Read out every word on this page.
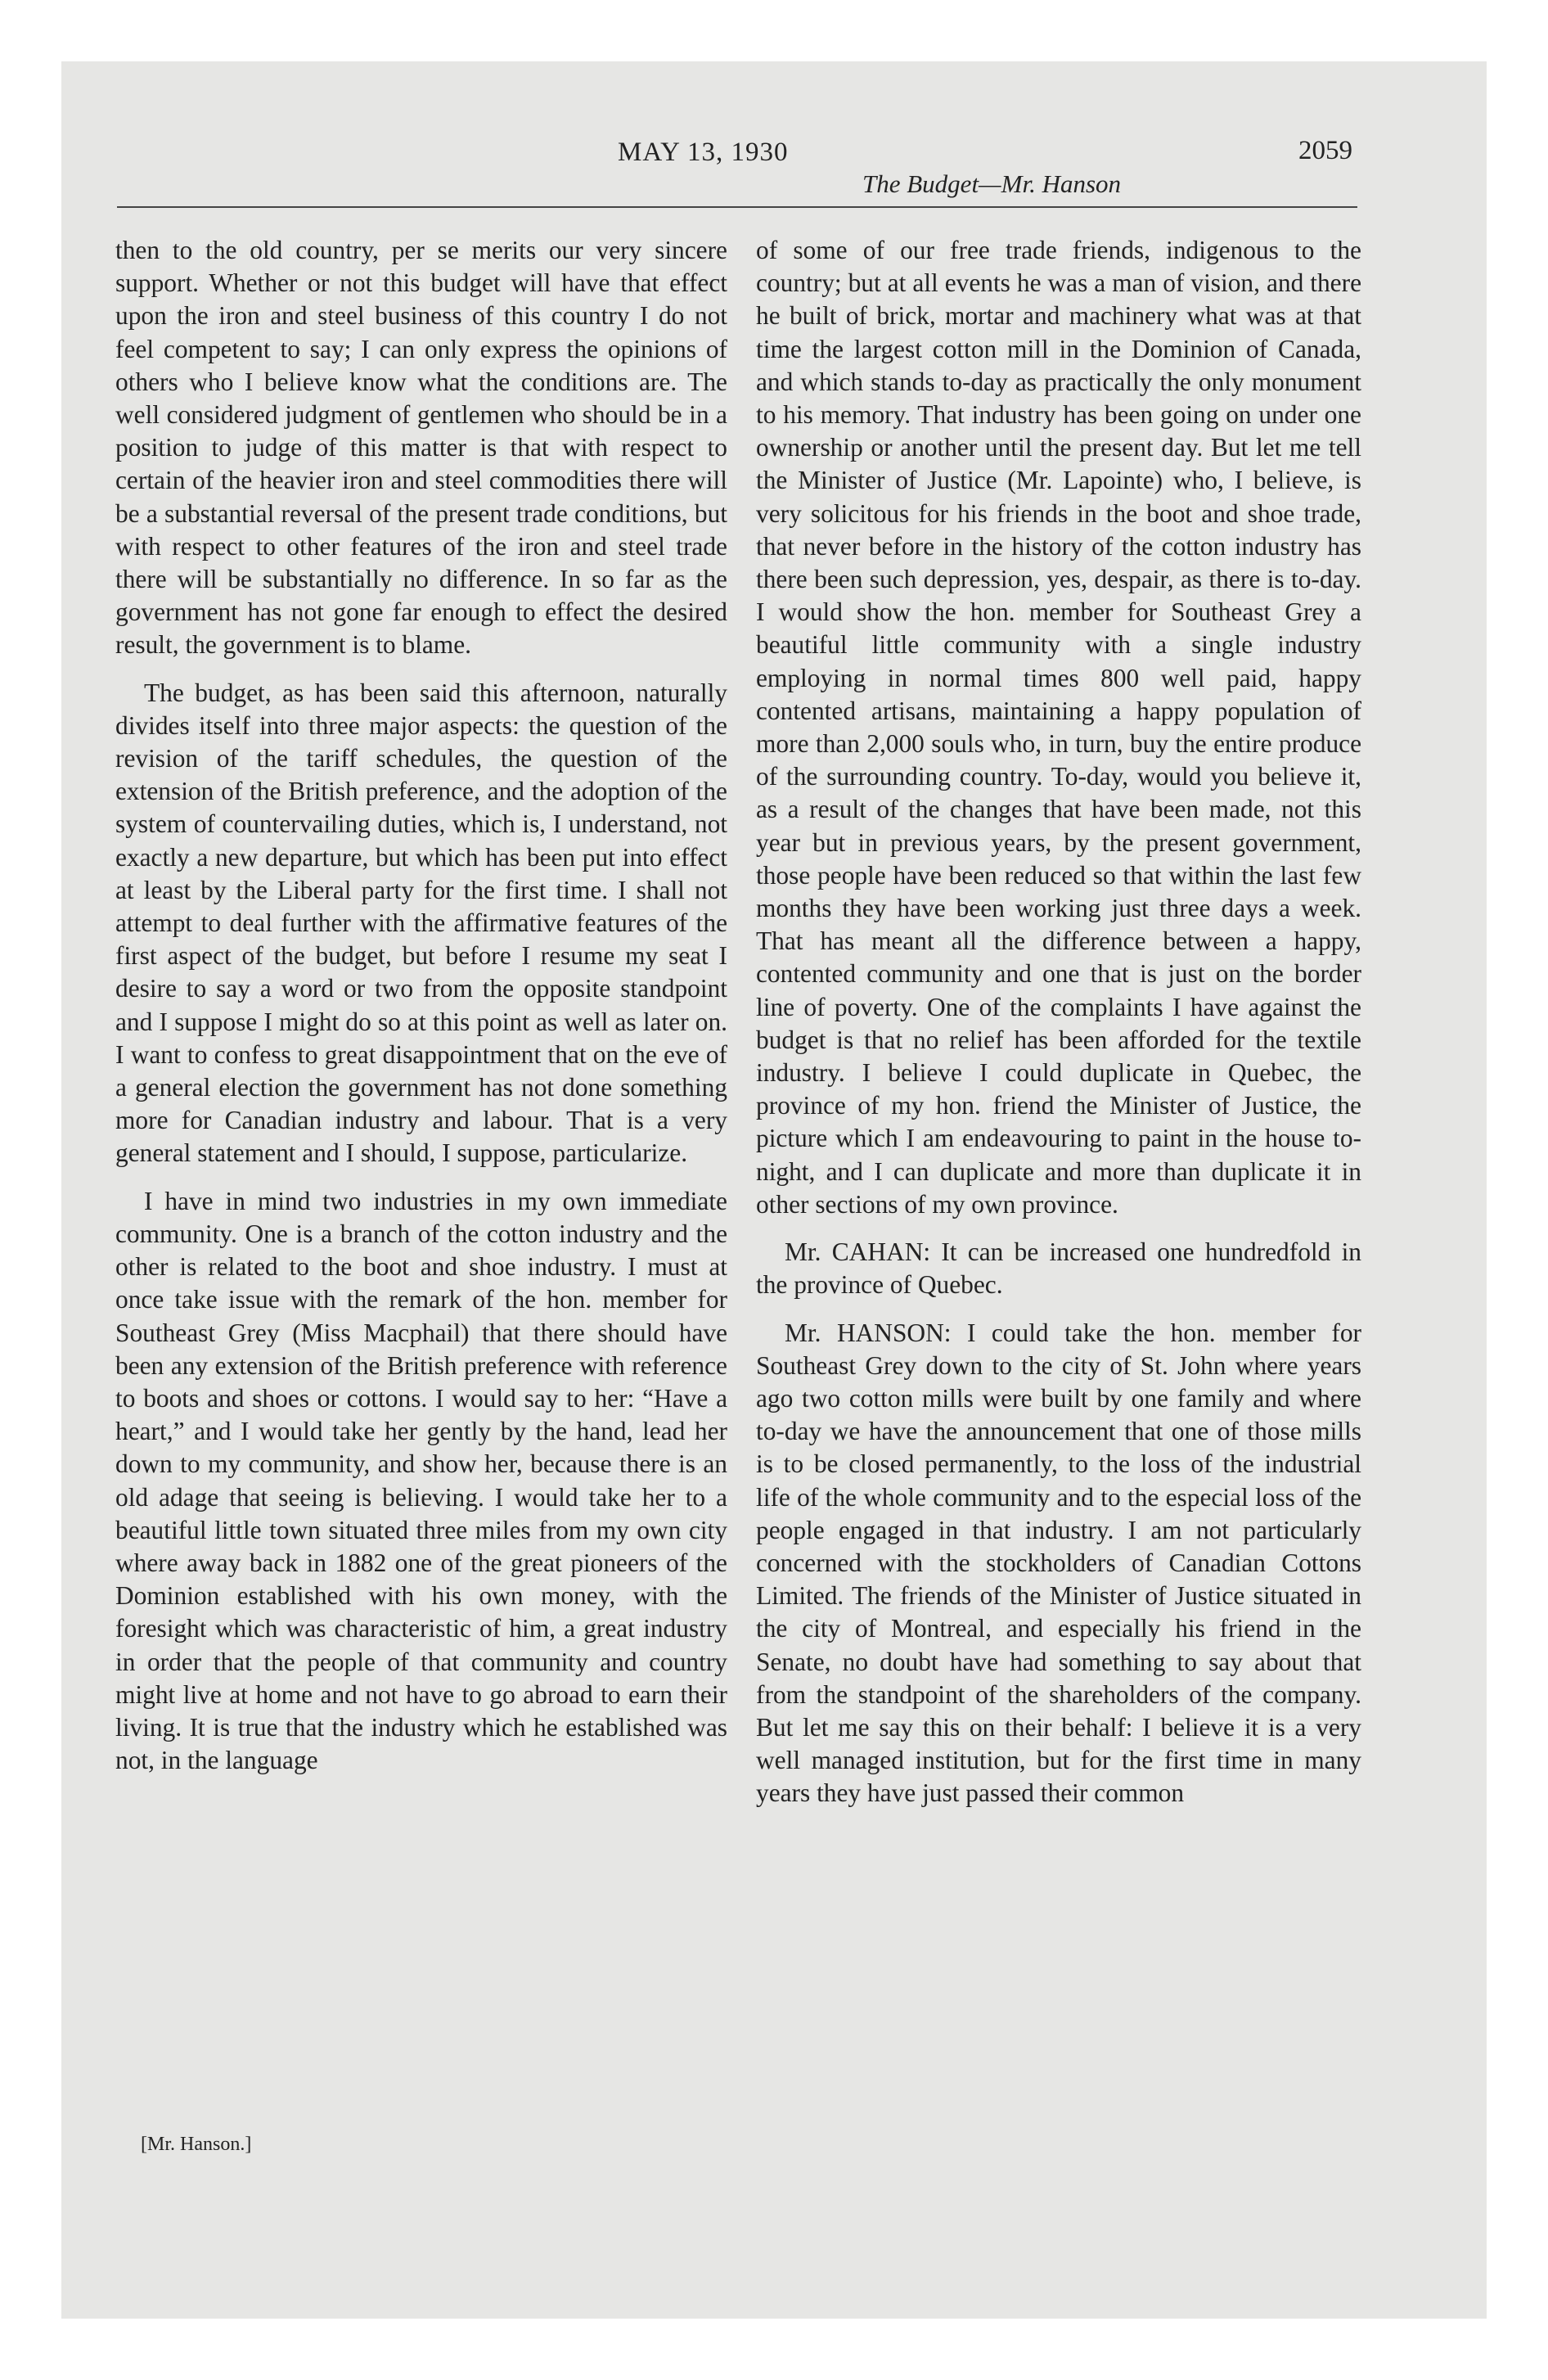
MAY 13, 1930	2059
The Budget—Mr. Hanson

then to the old country, per se merits our very sincere support. Whether or not this budget will have that effect upon the iron and steel business of this country I do not feel competent to say; I can only express the opinions of others who I believe know what the conditions are. The well considered judgment of gentlemen who should be in a position to judge of this matter is that with respect to certain of the heavier iron and steel commodities there will be a substantial reversal of the present trade conditions, but with respect to other features of the iron and steel trade there will be substantially no difference. In so far as the government has not gone far enough to effect the desired result, the government is to blame.

The budget, as has been said this afternoon, naturally divides itself into three major aspects: the question of the revision of the tariff schedules, the question of the extension of the British preference, and the adoption of the system of countervailing duties, which is, I understand, not exactly a new departure, but which has been put into effect at least by the Liberal party for the first time. I shall not attempt to deal further with the affirmative features of the first aspect of the budget, but before I resume my seat I desire to say a word or two from the opposite standpoint and I suppose I might do so at this point as well as later on. I want to confess to great disappointment that on the eve of a general election the government has not done something more for Canadian industry and labour. That is a very general statement and I should, I suppose, particularize.

I have in mind two industries in my own immediate community. One is a branch of the cotton industry and the other is related to the boot and shoe industry. I must at once take issue with the remark of the hon. member for Southeast Grey (Miss Macphail) that there should have been any extension of the British preference with reference to boots and shoes or cottons. I would say to her: “Have a heart,” and I would take her gently by the hand, lead her down to my community, and show her, because there is an old adage that seeing is believing. I would take her to a beautiful little town situated three miles from my own city where away back in 1882 one of the great pioneers of the Dominion established with his own money, with the foresight which was characteristic of him, a great industry in order that the people of that community and country might live at home and not have to go abroad to earn their living. It is true that the industry which he established was not, in the language

of some of our free trade friends, indigenous to the country; but at all events he was a man of vision, and there he built of brick, mortar and machinery what was at that time the largest cotton mill in the Dominion of Canada, and which stands to-day as practically the only monument to his memory. That industry has been going on under one ownership or another until the present day. But let me tell the Minister of Justice (Mr. Lapointe) who, I believe, is very solicitous for his friends in the boot and shoe trade, that never before in the history of the cotton industry has there been such depression, yes, despair, as there is to-day. I would show the hon. member for Southeast Grey a beautiful little community with a single industry employing in normal times 800 well paid, happy contented artisans, maintaining a happy population of more than 2,000 souls who, in turn, buy the entire produce of the surrounding country. To-day, would you believe it, as a result of the changes that have been made, not this year but in previous years, by the present government, those people have been reduced so that within the last few months they have been working just three days a week. That has meant all the difference between a happy, contented community and one that is just on the border line of poverty. One of the complaints I have against the budget is that no relief has been afforded for the textile industry. I believe I could duplicate in Quebec, the province of my hon. friend the Minister of Justice, the picture which I am endeavouring to paint in the house to-night, and I can duplicate and more than duplicate it in other sections of my own province.

Mr. CAHAN: It can be increased one hundredfold in the province of Quebec.

Mr. HANSON: I could take the hon. member for Southeast Grey down to the city of St. John where years ago two cotton mills were built by one family and where to-day we have the announcement that one of those mills is to be closed permanently, to the loss of the industrial life of the whole community and to the especial loss of the people engaged in that industry. I am not particularly concerned with the stockholders of Canadian Cottons Limited. The friends of the Minister of Justice situated in the city of Montreal, and especially his friend in the Senate, no doubt have had something to say about that from the standpoint of the shareholders of the company. But let me say this on their behalf: I believe it is a very well managed institution, but for the first time in many years they have just passed their common

[Mr. Hanson.]
